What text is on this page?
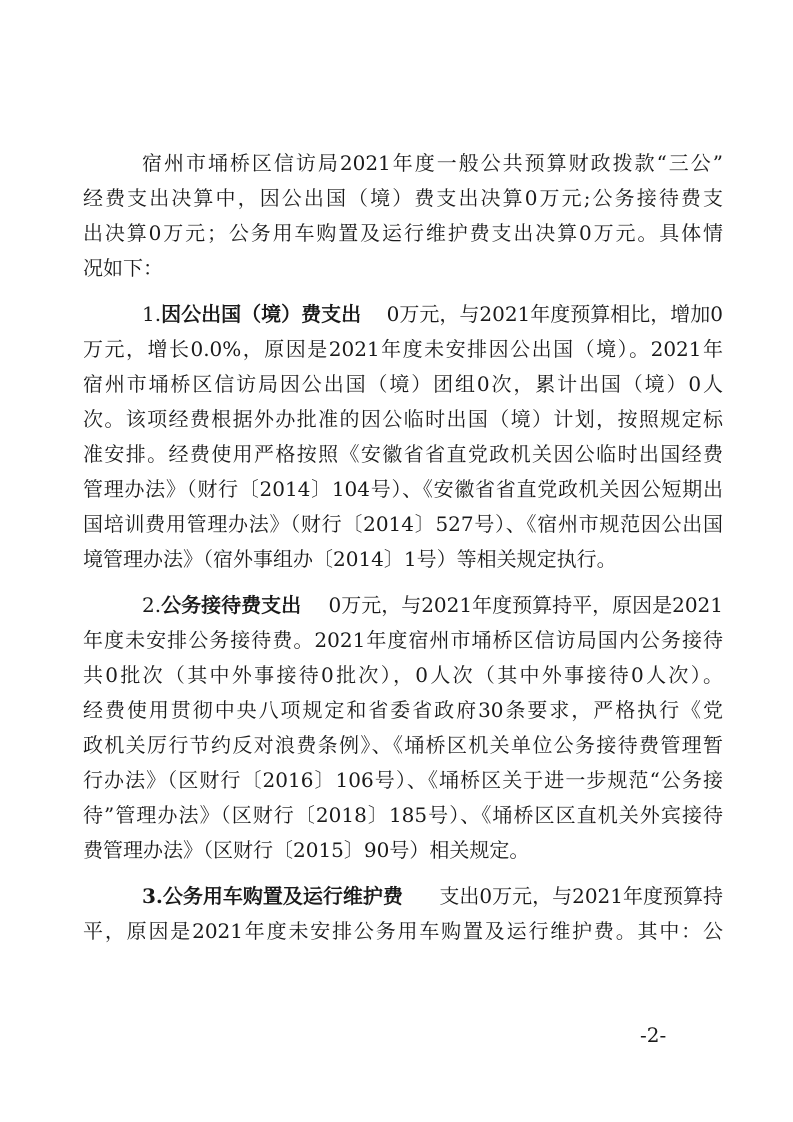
宿州市埇桥区信访局2021年度一般公共预算财政拨款“三公”
经费支出决算中，因公出国（境）费支出决算0万元;公务接待费支
出决算0万元；公务用车购置及运行维护费支出决算0万元。具体情
况如下：
1.因公出国（境）费支出 0万元，与2021年度预算相比，增加0
万元，增长0.0%，原因是2021年度未安排因公出国（境）。2021年
宿州市埇桥区信访局因公出国（境）团组0次，累计出国（境）0人
次。该项经费根据外办批准的因公临时出国（境）计划，按照规定标
准安排。经费使用严格按照《安徽省省直党政机关因公临时出国经费
管理办法》（财行〔2014〕104号）、《安徽省省直党政机关因公短期出
国培训费用管理办法》（财行〔2014〕527号）、《宿州市规范因公出国
境管理办法》（宿外事组办〔2014〕1号）等相关规定执行。
2.公务接待费支出 0万元，与2021年度预算持平，原因是2021
年度未安排公务接待费。2021年度宿州市埇桥区信访局国内公务接待
共0批次（其中外事接待0批次），0人次（其中外事接待0人次）。
经费使用贯彻中央八项规定和省委省政府30条要求，严格执行《党
政机关厉行节约反对浪费条例》、《埇桥区机关单位公务接待费管理暂
行办法》（区财行〔2016〕106号）、《埇桥区关于进一步规范“公务接
待”管理办法》（区财行〔2018〕185号）、《埇桥区区直机关外宾接待
费管理办法》（区财行〔2015〕90号）相关规定。
3.公务用车购置及运行维护费 支出0万元，与2021年度预算持
平，原因是2021年度未安排公务用车购置及运行维护费。其中：公
-2-
